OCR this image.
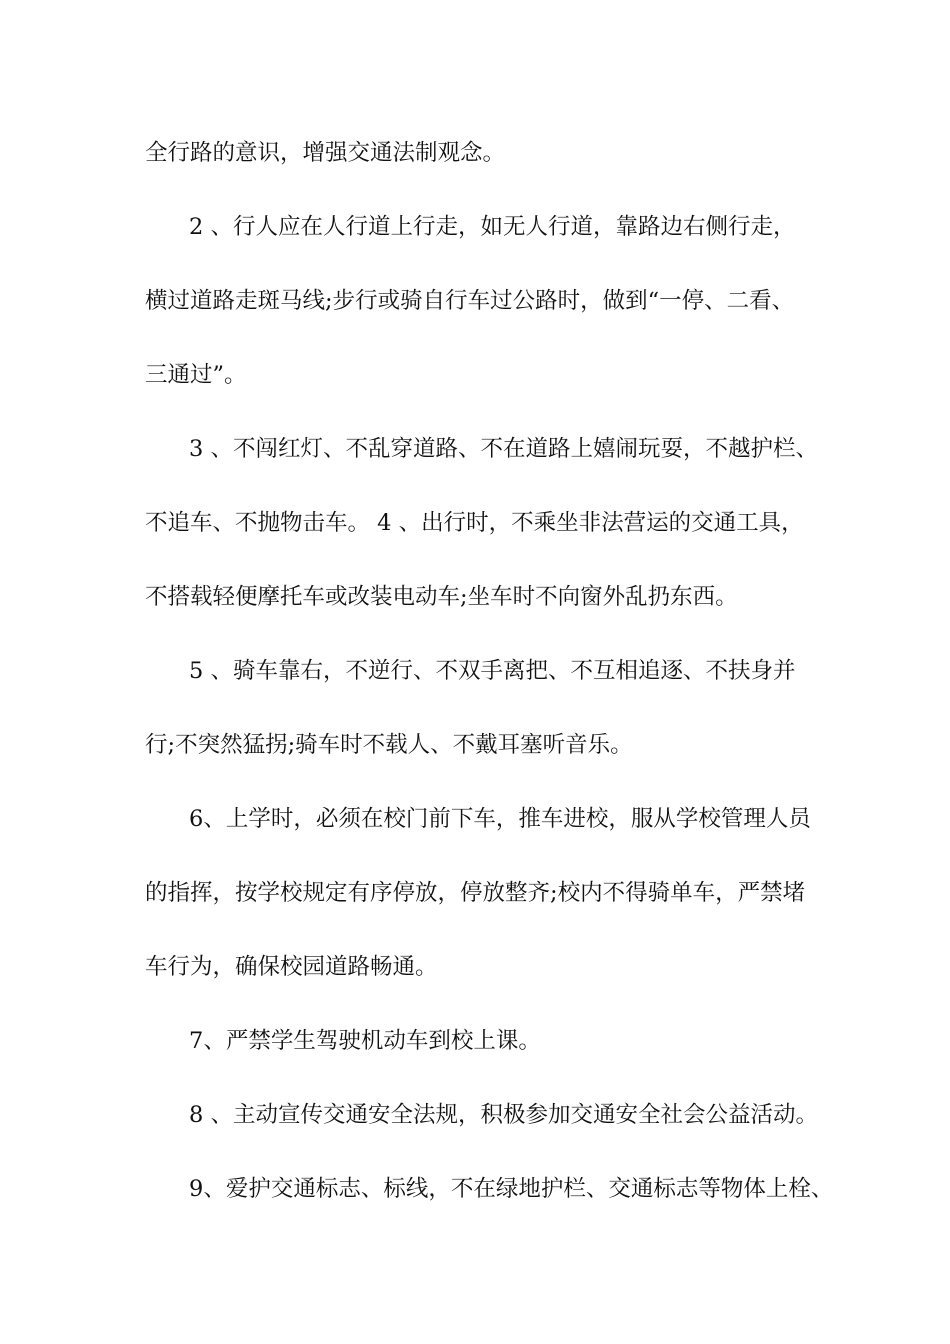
全行路的意识，增强交通法制观念。

2 、行人应在人行道上行走，如无人行道，靠路边右侧行走，

横过道路走斑马线;步行或骑自行车过公路时，做到“一停、二看、

三通过”。

3 、不闯红灯、不乱穿道路、不在道路上嬉闹玩耍，不越护栏、

不追车、不抛物击车。 4 、出行时，不乘坐非法营运的交通工具，

不搭载轻便摩托车或改装电动车;坐车时不向窗外乱扔东西。

5 、骑车靠右，不逆行、不双手离把、不互相追逐、不扶身并

行;不突然猛拐;骑车时不载人、不戴耳塞听音乐。

6、上学时，必须在校门前下车，推车进校，服从学校管理人员

的指挥，按学校规定有序停放，停放整齐;校内不得骑单车，严禁堵

车行为，确保校园道路畅通。

7、严禁学生驾驶机动车到校上课。

8 、主动宣传交通安全法规，积极参加交通安全社会公益活动。

9、爱护交通标志、标线，不在绿地护栏、交通标志等物体上栓、
